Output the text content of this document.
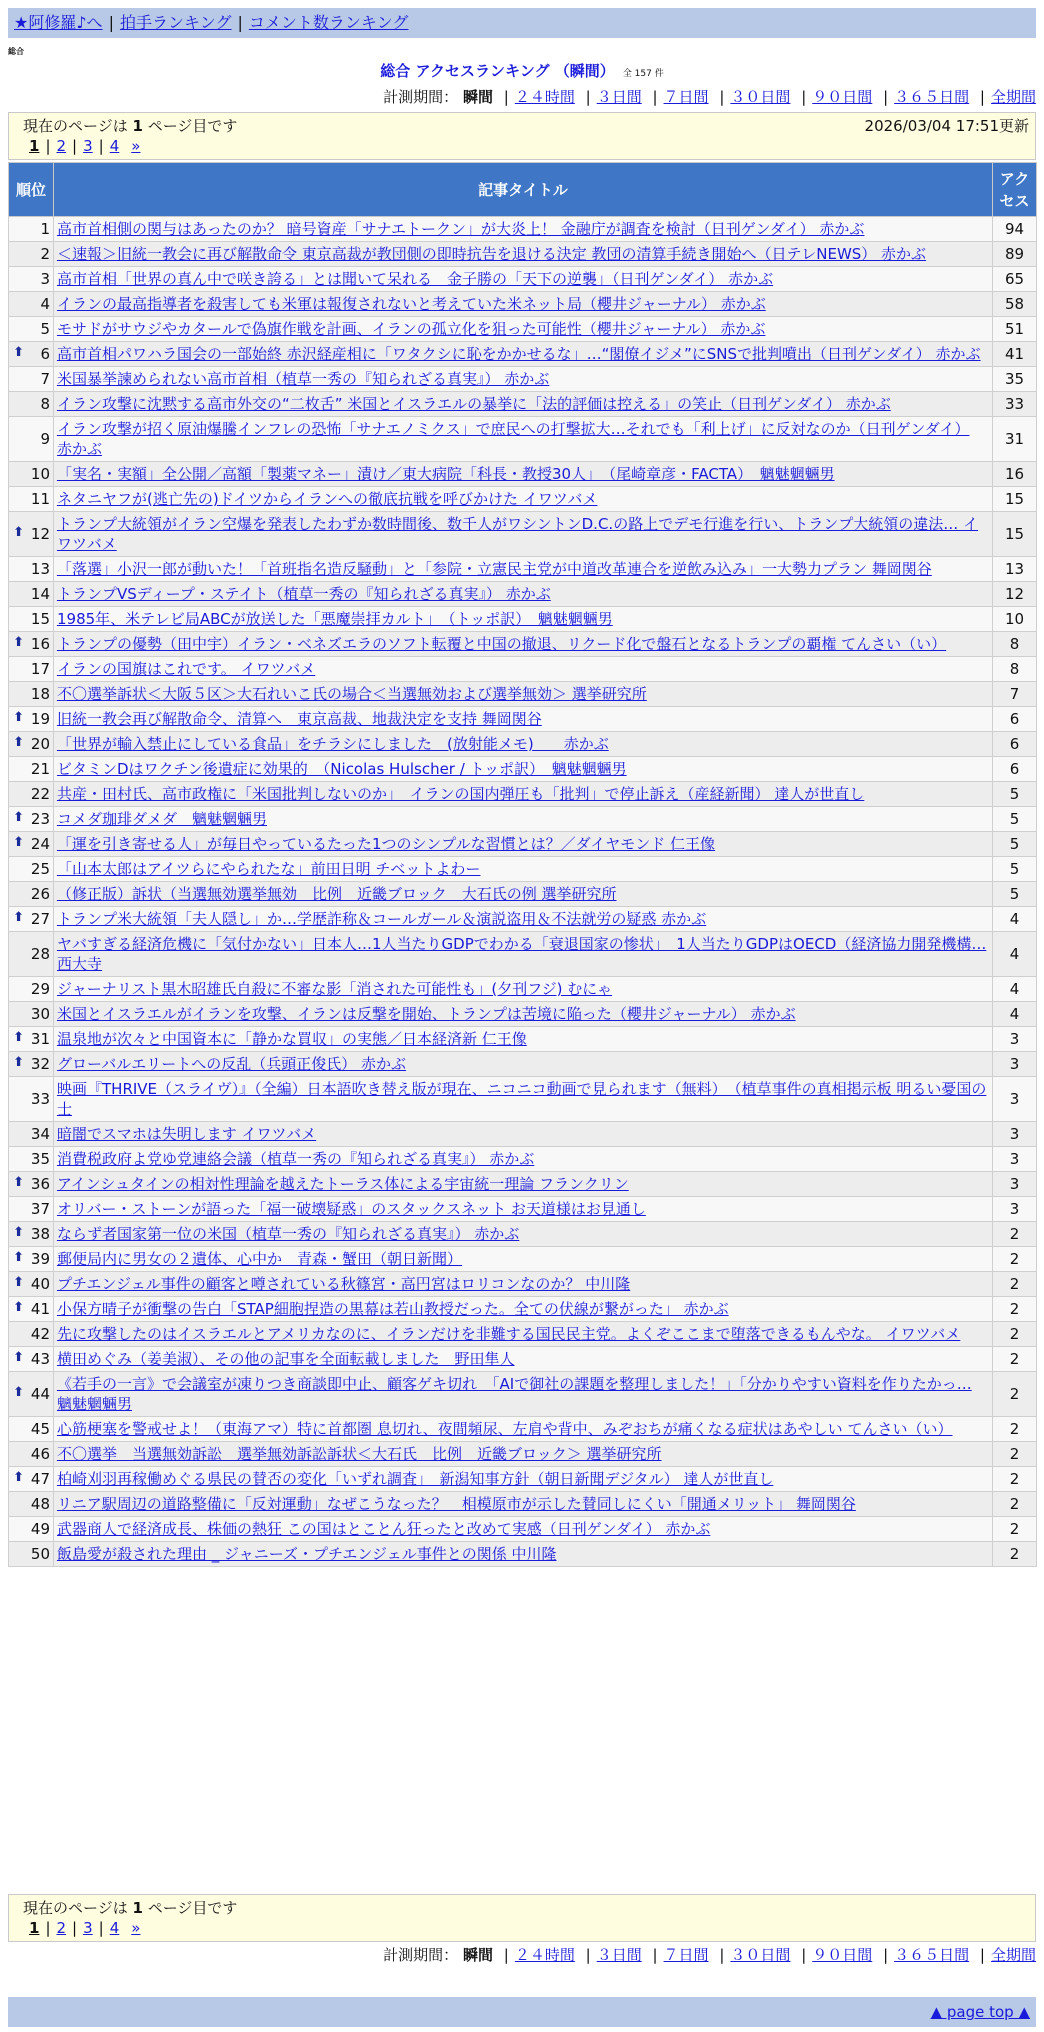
★阿修羅♪へ | 拍手ランキング | コメント数ランキング
総合
総合 アクセスランキング （瞬間） 全 157 件
計測期間： 瞬間 | ２４時間 | ３日間 | ７日間 | ３０日間 | ９０日間 | ３６５日間 | 全期間
現在のページは 1 ページ目です	2026/03/04 17:51更新
1 | 2 | 3 | 4 »
順位	記事タイトル	アクセス
1	高市首相側の関与はあったのか？ 暗号資産「サナエトークン」が大炎上！ 金融庁が調査を検討（日刊ゲンダイ） 赤かぶ	94
2	＜速報＞旧統一教会に再び解散命令 東京高裁が教団側の即時抗告を退ける決定 教団の清算手続き開始へ（日テレNEWS） 赤かぶ	89
3	高市首相「世界の真ん中で咲き誇る」とは聞いて呆れる　金子勝の「天下の逆襲」（日刊ゲンダイ） 赤かぶ	65
4	イランの最高指導者を殺害しても米軍は報復されないと考えていた米ネット局（櫻井ジャーナル） 赤かぶ	58
5	モサドがサウジやカタールで偽旗作戦を計画、イランの孤立化を狙った可能性（櫻井ジャーナル） 赤かぶ	51

⬆ 6	高市首相パワハラ国会の一部始終 赤沢経産相に「ワタクシに恥をかかせるな」…“閣僚イジメ”にSNSで批判噴出（日刊ゲンダイ） 赤かぶ	41
7	米国暴挙諫められない高市首相（植草一秀の『知られざる真実』） 赤かぶ	35
8	イラン攻撃に沈黙する高市外交の“二枚舌” 米国とイスラエルの暴挙に「法的評価は控える」の笑止（日刊ゲンダイ） 赤かぶ	33
9	イラン攻撃が招く原油爆騰インフレの恐怖「サナエノミクス」で庶民への打撃拡大…それでも「利上げ」に反対なのか（日刊ゲンダイ） 赤かぶ	31
10	「実名・実額」全公開／高額「製薬マネー」漬け／東大病院「科長・教授30人」　（尾崎章彦・FACTA）　魑魅魍魎男	16
11	ネタニヤフが(逃亡先の)ドイツからイランへの徹底抗戦を呼びかけた イワツバメ	15

⬆ 12	トランプ大統領がイラン空爆を発表したわずか数時間後、数千人がワシントンD.C.の路上でデモ行進を行い、トランプ大統領の違法… イワツバメ	15
13	「落選」小沢一郎が動いた！「首班指名造反騒動」と「参院・立憲民主党が中道改革連合を逆飲み込み」一大勢力プラン 舞岡関谷	13
14	トランプVSディープ・ステイト（植草一秀の『知られざる真実』） 赤かぶ	12
15	1985年、米テレビ局ABCが放送した「悪魔崇拝カルト」　（トッポ訳）　魑魅魍魎男	10

⬆ 16	トランプの優勢（田中宇）イラン・ベネズエラのソフト転覆と中国の撤退、リクード化で盤石となるトランプの覇権 てんさい（い）	8
17	イランの国旗はこれです。 イワツバメ	8
18	不〇選挙訴状＜大阪５区＞大石れいこ氏の場合＜当選無効および選挙無効＞ 選挙研究所	7

⬆ 19	旧統一教会再び解散命令、清算へ　東京高裁、地裁決定を支持 舞岡関谷	6

⬆ 20	「世界が輸入禁止にしている食品」をチラシにしました　(放射能メモ)　　赤かぶ	6
21	ビタミンDはワクチン後遺症に効果的　（Nicolas Hulscher / トッポ訳）　魑魅魍魎男	6
22	共産・田村氏、高市政権に「米国批判しないのか」　イランの国内弾圧も「批判」で停止訴え（産経新聞） 達人が世直し	5

⬆ 23	コメダ珈琲ダメダ　魑魅魍魎男	5

⬆ 24	「運を引き寄せる人」が毎日やっているたった1つのシンプルな習慣とは？／ダイヤモンド 仁王像	5
25	「山本太郎はアイツらにやられたな」前田日明 チベットよわー	5
26	（修正版）訴状（当選無効選挙無効　比例　近畿ブロック　大石氏の例 選挙研究所	5

⬆ 27	トランプ米大統領「夫人隠し」か…学歴詐称＆コールガール＆演説盗用＆不法就労の疑惑 赤かぶ	4
28	ヤバすぎる経済危機に「気付かない」日本人…1人当たりGDPでわかる「衰退国家の惨状」　1人当たりGDPはOECD（経済協力開発機構… 西大寺	4
29	ジャーナリスト黒木昭雄氏自殺に不審な影「消された可能性も」(夕刊フジ) むにゃ	4
30	米国とイスラエルがイランを攻撃、イランは反撃を開始、トランプは苦境に陥った（櫻井ジャーナル） 赤かぶ	4

⬆ 31	温泉地が次々と中国資本に「静かな買収」の実態／日本経済新 仁王像	3

⬆ 32	グローバルエリートへの反乱（兵頭正俊氏） 赤かぶ	3
33	映画『THRIVE（スライヴ）』（全編）日本語吹き替え版が現在、ニコニコ動画で見られます（無料）　（植草事件の真相掲示板 明るい憂国の士	3
34	暗闇でスマホは失明します イワツバメ	3
35	消費税政府よ党ゆ党連絡会議（植草一秀の『知られざる真実』） 赤かぶ	3

⬆ 36	アインシュタインの相対性理論を越えたトーラス体による宇宙統一理論 フランクリン	3
37	オリバー・ストーンが語った「福一破壊疑惑」のスタックスネット お天道様はお見通し	3

⬆ 38	ならず者国家第一位の米国（植草一秀の『知られざる真実』） 赤かぶ	2

⬆ 39	郵便局内に男女の２遺体、心中か　青森・蟹田（朝日新聞）	2

⬆ 40	プチエンジェル事件の顧客と噂されている秋篠宮・高円宮はロリコンなのか？ 中川隆	2

⬆ 41	小保方晴子が衝撃の告白「STAP細胞捏造の黒幕は若山教授だった。全ての伏線が繋がった」 赤かぶ	2
42	先に攻撃したのはイスラエルとアメリカなのに、イランだけを非難する国民民主党。よくぞここまで堕落できるもんやな。 イワツバメ	2

⬆ 43	横田めぐみ（姜美淑）、その他の記事を全面転載しました　野田隼人	2

⬆ 44	《若手の一言》で会議室が凍りつき商談即中止、顧客ゲキ切れ　「AIで御社の課題を整理しました！」「分かりやすい資料を作りたかっ… 魑魅魍魎男	2
45	心筋梗塞を警戒せよ！（東海アマ）特に首都圏 息切れ、夜間頻尿、左肩や背中、みぞおちが痛くなる症状はあやしい てんさい（い）	2
46	不〇選挙　当選無効訴訟　選挙無効訴訟訴状＜大石氏　比例　近畿ブロック＞ 選挙研究所	2

⬆ 47	柏崎刈羽再稼働めぐる県民の賛否の変化「いずれ調査」　新潟知事方針（朝日新聞デジタル） 達人が世直し	2
48	リニア駅周辺の道路整備に「反対運動」なぜこうなった？　相模原市が示した賛同しにくい「開通メリット」 舞岡関谷	2
49	武器商人で経済成長、株価の熱狂 この国はとことん狂ったと改めて実感（日刊ゲンダイ） 赤かぶ	2
50	飯島愛が殺された理由 _ ジャニーズ・プチエンジェル事件との関係 中川隆	2
計測期間： 瞬間 | ２４時間 | ３日間 | ７日間 | ３０日間 | ９０日間 | ３６５日間 | 全期間
現在のページは 1 ページ目です
1 | 2 | 3 | 4 »
▲ page top ▲
